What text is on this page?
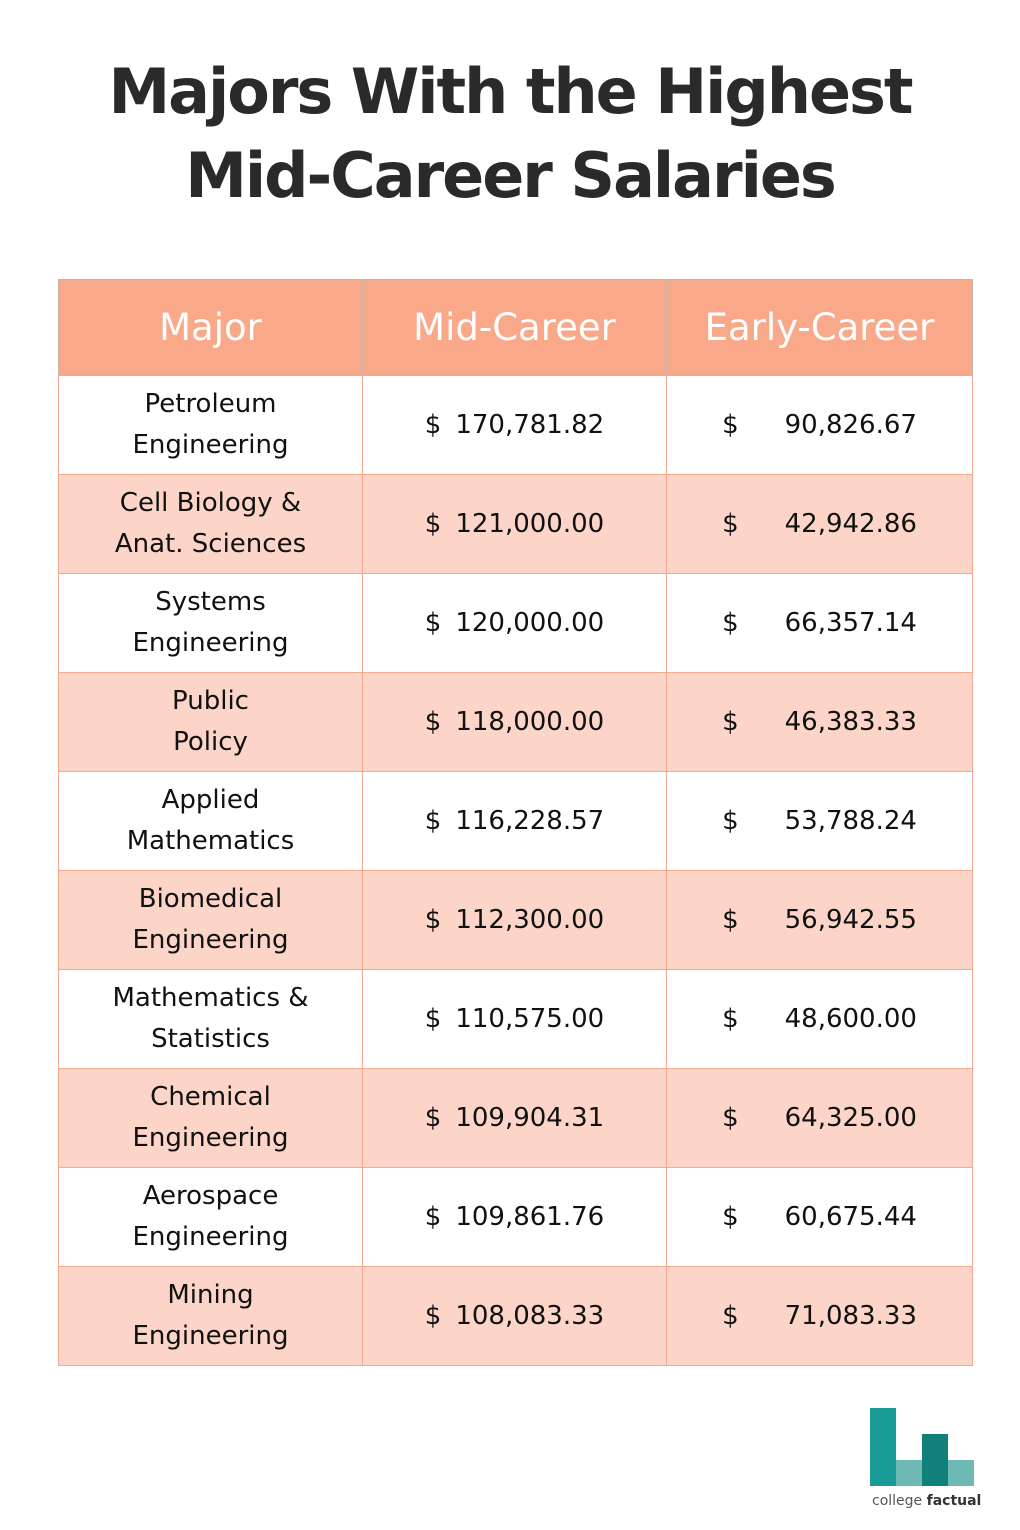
Majors With the Highest
Mid-Career Salaries
Major	Mid-Career	Early-Career

Petroleum
Engineering	$ 170,781.82	$ 90,826.67

Cell Biology &
Anat. Sciences	$ 121,000.00	$ 42,942.86

Systems
Engineering	$ 120,000.00	$ 66,357.14

Public
Policy	$ 118,000.00	$ 46,383.33

Applied
Mathematics	$ 116,228.57	$ 53,788.24

Biomedical
Engineering	$ 112,300.00	$ 56,942.55

Mathematics &
Statistics	$ 110,575.00	$ 48,600.00

Chemical
Engineering	$ 109,904.31	$ 64,325.00

Aerospace
Engineering	$ 109,861.76	$ 60,675.44

Mining
Engineering	$ 108,083.33	$ 71,083.33
college factual
